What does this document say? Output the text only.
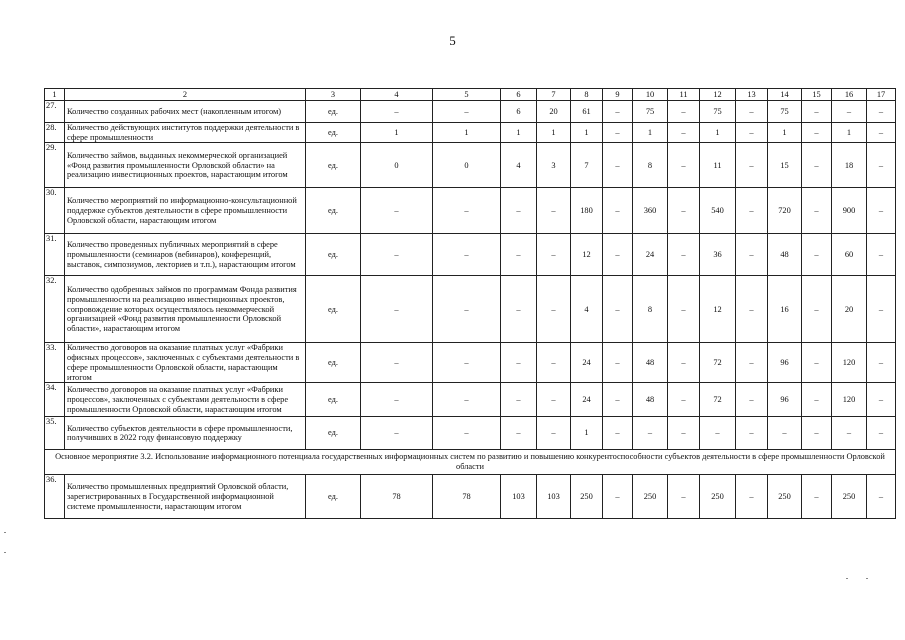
5
1	2	3	4	5	6	7	8	9	10	11	12	13	14	15	16	17
27.	Количество созданных рабочих мест (накопленным итогом)	ед.	–	–	6	20	61	–	75	–	75	–	75	–	–	–
28.	Количество действующих институтов поддержки деятельности в сфере промышленности	ед.	1	1	1	1	1	–	1	–	1	–	1	–	1	–
29.	Количество займов, выданных некоммерческой организацией «Фонд развития промышленности Орловской области» на реализацию инвестиционных проектов, нарастающим итогом	ед.	0	0	4	3	7	–	8	–	11	–	15	–	18	–
30.	Количество мероприятий по информационно-консультационной поддержке субъектов деятельности в сфере промышленности Орловской области, нарастающим итогом	ед.	–	–	–	–	180	–	360	–	540	–	720	–	900	–
31.	Количество проведенных публичных мероприятий в сфере промышленности (семинаров (вебинаров), конференций, выставок, симпозиумов, лекториев и т.п.), нарастающим итогом	ед.	–	–	–	–	12	–	24	–	36	–	48	–	60	–
32.	Количество одобренных займов по программам Фонда развития промышленности на реализацию инвестиционных проектов, сопровождение которых осуществлялось некоммерческой организацией «Фонд развития промышленности Орловской области», нарастающим итогом	ед.	–	–	–	–	4	–	8	–	12	–	16	–	20	–
33.	Количество договоров на оказание платных услуг «Фабрики офисных процессов», заключенных с субъектами деятельности в сфере промышленности Орловской области, нарастающим итогом	ед.	–	–	–	–	24	–	48	–	72	–	96	–	120	–
34.	Количество договоров на оказание платных услуг «Фабрики процессов», заключенных с субъектами деятельности в сфере промышленности Орловской области, нарастающим итогом	ед.	–	–	–	–	24	–	48	–	72	–	96	–	120	–
35.	Количество субъектов деятельности в сфере промышленности, получивших в 2022 году финансовую поддержку	ед.	–	–	–	–	1	–	–	–	–	–	–	–	–	–
Основное мероприятие 3.2. Использование информационного потенциала государственных информационных систем по развитию и повышению конкурентоспособности субъектов деятельности в сфере промышленности Орловской области																
36.	Количество промышленных предприятий Орловской области, зарегистрированных в Государственной информационной системе промышленности, нарастающим итогом	ед.	78	78	103	103	250	–	250	–	250	–	250	–	250	–
